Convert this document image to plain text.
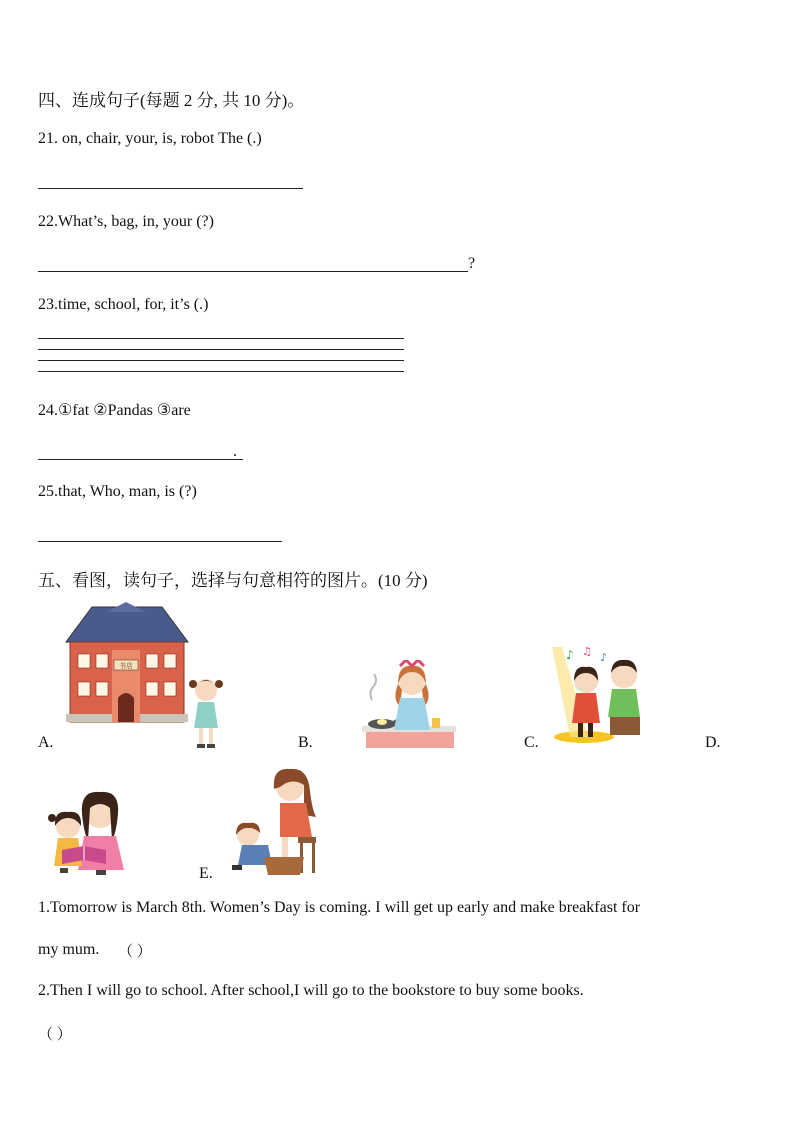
四、连成句子(每题 2 分, 共 10 分)。
21. on, chair, your, is, robot The (.)
22.What’s, bag, in, your (?)
?
23.time, school, for, it’s (.)
24.①fat ②Pandas ③are
.
25.that, Who, man, is (?)
五、看图，读句子，选择与句意相符的图片。(10 分)
书店
A.	B.
♪ ♫ ♪
C.	D.
E.
1.Tomorrow is March 8th. Women’s Day is coming. I will get up early and make breakfast for
my mum. （ ）
2.Then I will go to school. After school,I will go to the bookstore to buy some books.
（ ）
